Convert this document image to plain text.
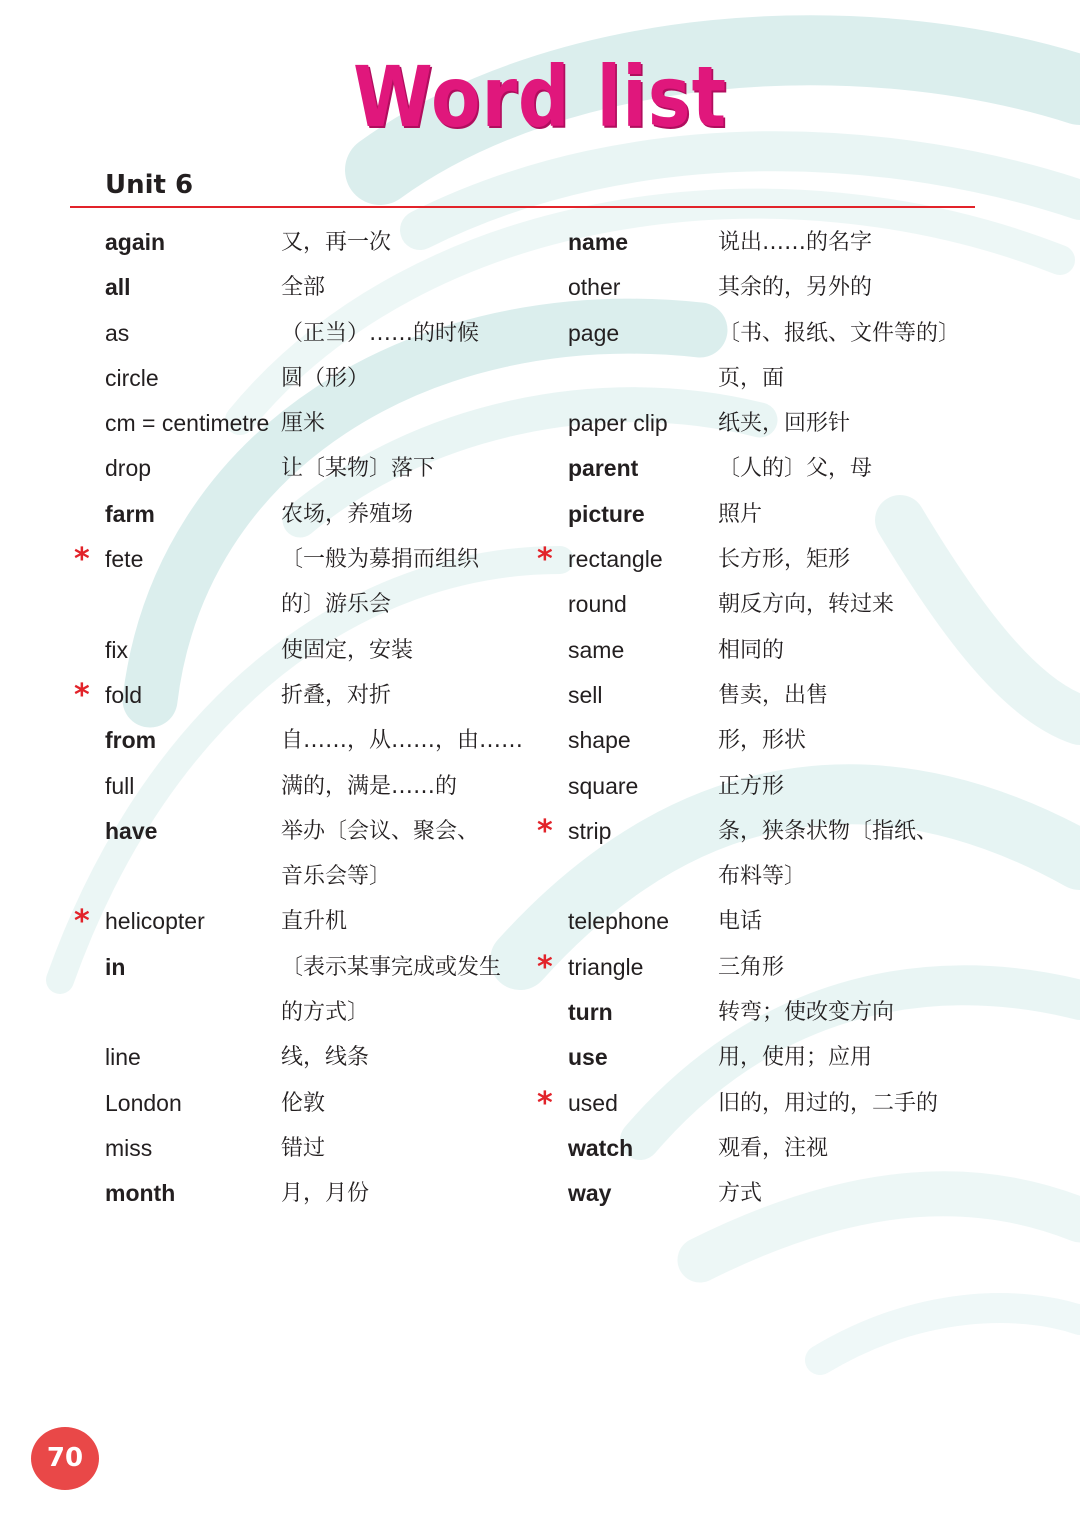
Word list
Unit 6
again	又，再一次
all	全部
as	（正当）……的时候
circle	圆（形）
cm = centimetre 厘米
drop	让〔某物〕落下
farm	农场，养殖场
* fete	〔一般为募捐而组织
的〕游乐会
fix	使固定，安装
* fold	折叠，对折
from	自……，从……，由……
full	满的，满是……的
have	举办〔会议、聚会、
音乐会等〕
* helicopter	直升机
in	〔表示某事完成或发生
的方式〕
line	线，线条
London	伦敦
miss	错过
month	月，月份
name	说出……的名字
other	其余的，另外的
page	〔书、报纸、文件等的〕
页，面
paper clip 纸夹，回形针
parent	〔人的〕父，母
picture	照片
* rectangle	长方形，矩形
round	朝反方向，转过来
same	相同的
sell	售卖，出售
shape	形，形状
square	正方形
* strip	条，狭条状物〔指纸、
布料等〕
telephone 电话
* triangle	三角形
turn	转弯；使改变方向
use	用，使用；应用
* used	旧的，用过的，二手的
watch	观看，注视
way	方式
70
